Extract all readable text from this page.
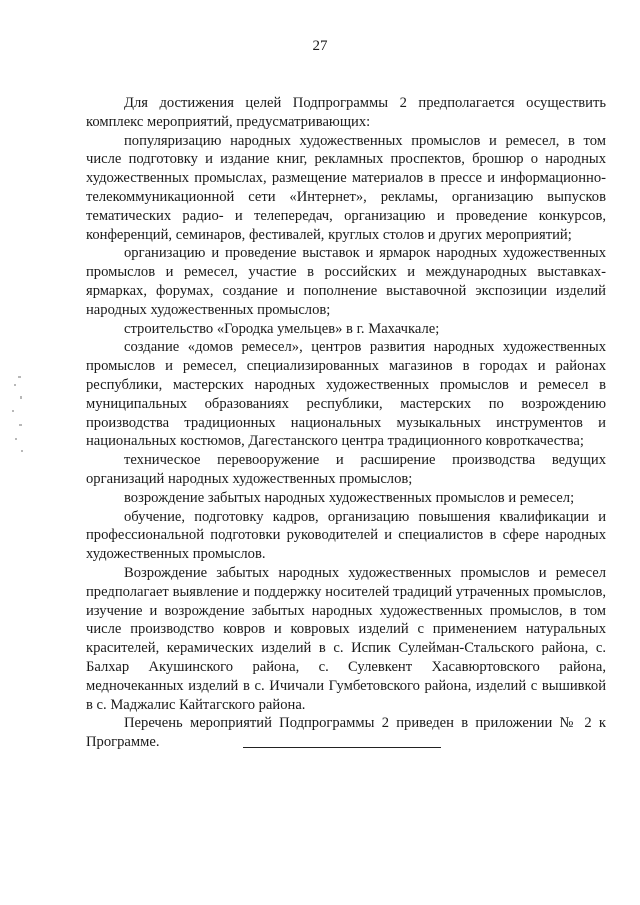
27

Для достижения целей Подпрограммы 2 предполагается осуществить комплекс мероприятий, предусматривающих:

популяризацию народных художественных промыслов и ремесел, в том числе подготовку и издание книг, рекламных проспектов, брошюр о народных художественных промыслах, размещение материалов в прессе и информационно-телекоммуникационной сети «Интернет», рекламы, организацию выпусков тематических радио- и телепередач, организацию и проведение конкурсов, конференций, семинаров, фестивалей, круглых столов и других мероприятий;

организацию и проведение выставок и ярмарок народных художественных промыслов и ремесел, участие в российских и международных выставках-ярмарках, форумах, создание и пополнение выставочной экспозиции изделий народных художественных промыслов;

строительство «Городка умельцев» в г. Махачкале;

создание «домов ремесел», центров развития народных художественных промыслов и ремесел, специализированных магазинов в городах и районах республики, мастерских народных художественных промыслов и ремесел в муниципальных образованиях республики, мастерских по возрождению производства традиционных национальных музыкальных инструментов и национальных костюмов, Дагестанского центра традиционного ковроткачества;

техническое перевооружение и расширение производства ведущих организаций народных художественных промыслов;

возрождение забытых народных художественных промыслов и ремесел;

обучение, подготовку кадров, организацию повышения квалификации и профессиональной подготовки руководителей и специалистов в сфере народных художественных промыслов.

Возрождение забытых народных художественных промыслов и ремесел предполагает выявление и поддержку носителей традиций утраченных промыслов, изучение и возрождение забытых народных художественных промыслов, в том числе производство ковров и ковровых изделий с применением натуральных красителей, керамических изделий в с. Испик Сулейман-Стальского района, с. Балхар Акушинского района, с. Сулевкент Хасавюртовского района, медночеканных изделий в с. Ичичали Гумбетовского района, изделий с вышивкой в с. Маджалис Кайтагского района.

Перечень мероприятий Подпрограммы 2 приведен в приложении № 2 к Программе.
